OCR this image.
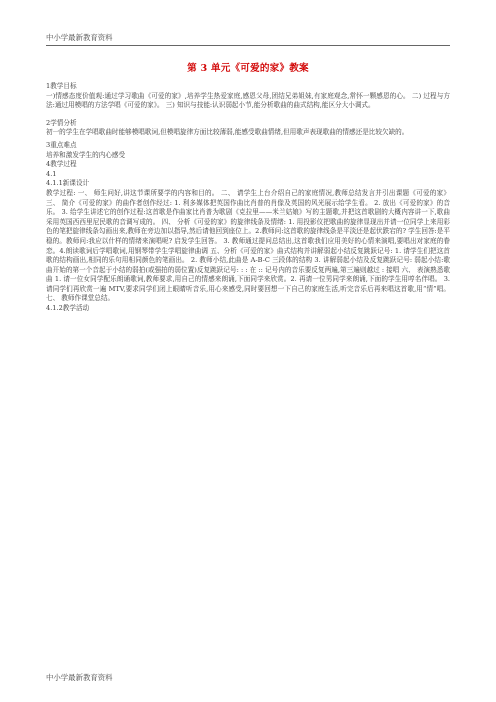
中小学最新教育资料
第 3 单元《可爱的家》教案

1教学目标

一)情感态度价值观:通过学习歌曲《可爱的家》,培养学生热爱家庭,感恩父母,团结兄弟姐妹,有家庭观念,常怀一颗感恩的心。 二) 过程与方法:通过用模唱的方法学唱《可爱的家》。 三) 知识与技能:认识弱起小节,能分析歌曲的曲式结构,能区分大小调式。

2学情分析

初一的学生在学唱歌曲时能够模唱歌词,但模唱旋律方面比较薄弱,能感受歌曲情绪,但用歌声表现歌曲的情感还是比较欠缺的。

3重点难点

培养和激发学生的内心感受

4教学过程

4.1

4.1.1新课设计

教学过程: 一、 师生问好,讲这节课所要学的内容和目的。 二、 请学生上台介绍自己的家庭情况,教师总结发言并引出课题《可爱的家》 三、 简介《可爱的家》的曲作者创作经过: 1. 利多媒体把英国作曲比肖普的肖像及英国的风光展示给学生看。 2. 放出《可爱的家》的音乐。 3. 给学生讲述它的创作过程:这首歌是作曲家比肖普为歌剧《克拉里——米兰姑娘》写的主题歌,并把这首歌剧的大概内容讲一下,歌曲采用英国西西里尼民歌的音调写成的。 四、 分析《可爱的家》的旋律线条及情绪: 1. 用投影仪把歌曲的旋律显现出并请一位同学上来用彩色的笔把旋律线条勾画出来,教师在旁边加以指导,然后请他回到座位上。2.教师问:这首歌的旋律线条是平淡还是起伏跌宕的? 学生回答:是平稳的。教师问:我应以什样的情绪来演唱呢? 启发学生回答。 3. 教师通过提问总结出,这首歌我们应用美好的心情来演唱,要唱出对家庭的眷恋。4.朗读歌词后学唱歌词,用钢琴带学生学唱旋律曲调 五、分析《可爱的家》曲式结构并讲解弱起小结反复跳跃记号: 1. 请学生们把这首歌的结构画出,相同的乐句用相同颜色的笔画出。 2. 教师小结,此曲是 A-B-C 三段体的结构 3. 讲解弱起小结及反复跳跃记号: 弱起小结:歌曲开始的第一个音起于小结的弱拍(或强拍的弱位置)反复跳跃记号: : : 在 :: 记号内的音乐要反复两遍,第三遍则越过 : 接唱 六、 表演熟悉歌曲 1. 请一位女同学配乐朗诵歌词,教师要求,用自己的情感来朗诵,下面同学来欣赏。2. 再请一位男同学来朗诵,下面的学生用哼名伴唱。 3. 请同学们再欣赏一遍 MTV,要求同学们闭上眼睛听音乐,用心来感受,同时要回想一下自己的家庭生活,听完音乐后再来唱这首歌,用“情”唱。 七、 教师作课堂总结。

4.1.2教学活动

中小学最新教育资料
